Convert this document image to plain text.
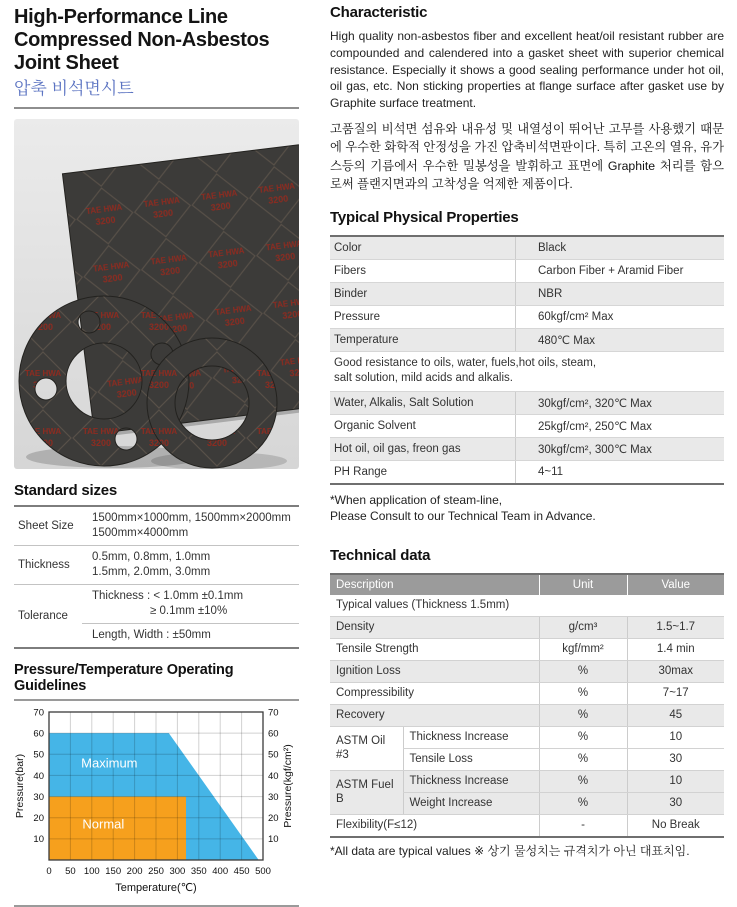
High-Performance Line
Compressed Non-Asbestos
Joint Sheet
압축 비석면시트
Standard sizes
Sheet Size	1500mm×1000mm, 1500mm×2000mm
1500mm×4000mm

Thickness	0.5mm, 0.8mm, 1.0mm
1.5mm, 2.0mm, 3.0mm

Tolerance	Thickness : < 1.0mm ±0.1mm
≥ 0.1mm ±10%

	Length, Width : ±50mm
Pressure/Temperature Operating Guidelines
Maximum
Normal
10	10
20	20
30	30
40	40
50	50
60	60
70	70
0 50 100 150 200 250 300 350 400 450 500
Temperature(℃)
Pressure(bar)	Pressure(kgf/cm²)
Characteristic

High quality non-asbestos fiber and excellent heat/oil resistant rubber are compounded and calendered into a gasket sheet with superior chemical resistance. Especially it shows a good sealing performance under hot oil, oil gas, etc. Non sticking properties at flange surface after gasket use by Graphite surface treatment.

고품질의 비석면 섬유와 내유성 및 내열성이 뛰어난 고무를 사용했기 때문에 우수한 화학적 안정성을 가진 압축비석면판이다. 특히 고온의 열유, 유가스등의 기름에서 우수한 밀봉성을 발휘하고 표면에 Graphite 처리를 함으로써 플랜지면과의 고착성을 억제한 제품이다.

Typical Physical Properties
Color	Black
Fibers	Carbon Fiber + Aramid Fiber
Binder	NBR
Pressure	60kgf/cm² Max
Temperature	480℃ Max
Good resistance to oils, water, fuels,hot oils, steam,
salt solution, mild acids and alkalis.
Water, Alkalis, Salt Solution	30kgf/cm², 320℃ Max
Organic Solvent	25kgf/cm², 250℃ Max
Hot oil, oil gas, freon gas	30kgf/cm², 300℃ Max
PH Range	4~11
*When application of steam-line,
Please Consult to our Technical Team in Advance.
Technical data
Description		Unit	Value
Typical values (Thickness 1.5mm)			
Density		g/cm³	1.5~1.7
Tensile Strength		kgf/mm²	1.4 min
Ignition Loss		%	30max
Compressibility		%	7~17
Recovery		%	45
ASTM Oil #3	Thickness Increase	%	10
	Tensile Loss	%	30
ASTM Fuel B	Thickness Increase	%	10
	Weight Increase	%	30
Flexibility(F≤12)		-	No Break
*All data are typical values ※ 상기 물성치는 규격치가 아닌 대표치임.
